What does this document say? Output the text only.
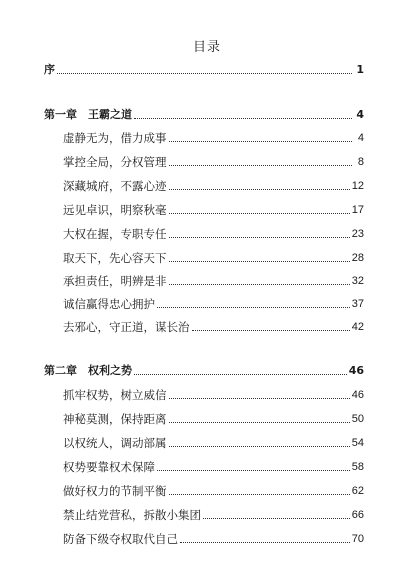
目录
序	1
第一章　王霸之道	4
虚静无为，借力成事	4
掌控全局，分权管理	8
深藏城府，不露心迹	12
远见卓识，明察秋毫	17
大权在握，专职专任	23
取天下，先心容天下	28
承担责任，明辨是非	32
诚信赢得忠心拥护	37
去邪心，守正道，谋长治	42
第二章　权利之势	46
抓牢权势，树立威信	46
神秘莫测，保持距离	50
以权统人，调动部属	54
权势要靠权术保障	58
做好权力的节制平衡	62
禁止结党营私，拆散小集团	66
防备下级夺权取代自己	70
